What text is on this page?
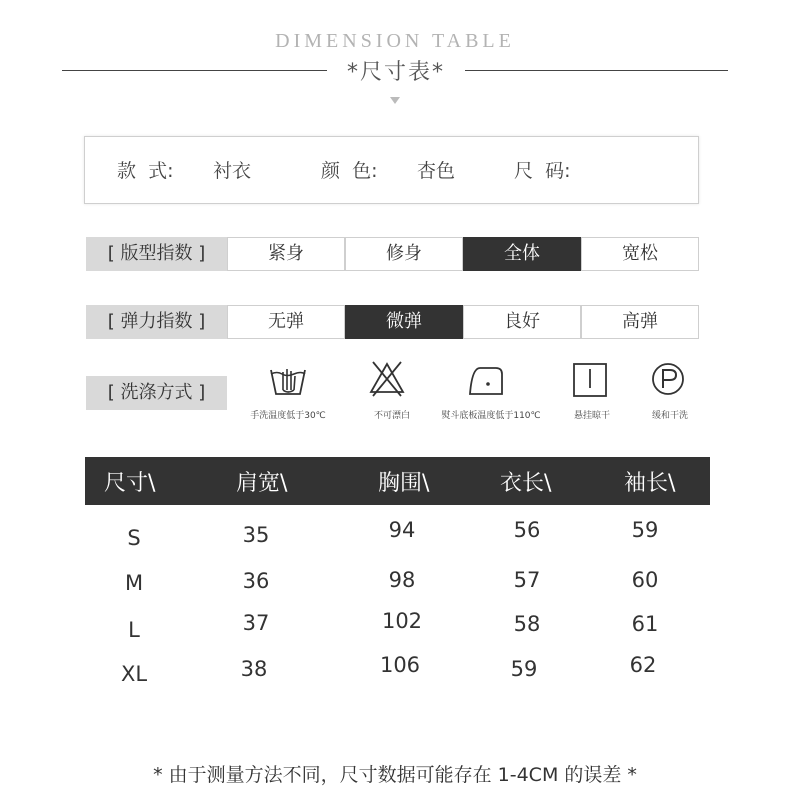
DIMENSION TABLE
*尺寸表*
款  式: 衬衣	颜  色: 杏色	尺  码:
[ 版型指数 ]	紧身	修身	全体	宽松
[ 弹力指数 ]	无弹	微弹	良好	高弹
[ 洗涤方式 ]
手洗温度低于30℃	不可漂白	熨斗底板温度低于110℃	悬挂晾干	缓和干洗
尺寸\	肩宽\	胸围\	衣长\	袖长\
S	35	94	56	59
M	36	98	57	60
L	37	102	58	61
XL	38	106	59	62
* 由于测量方法不同，尺寸数据可能存在 1-4CM 的误差 *
